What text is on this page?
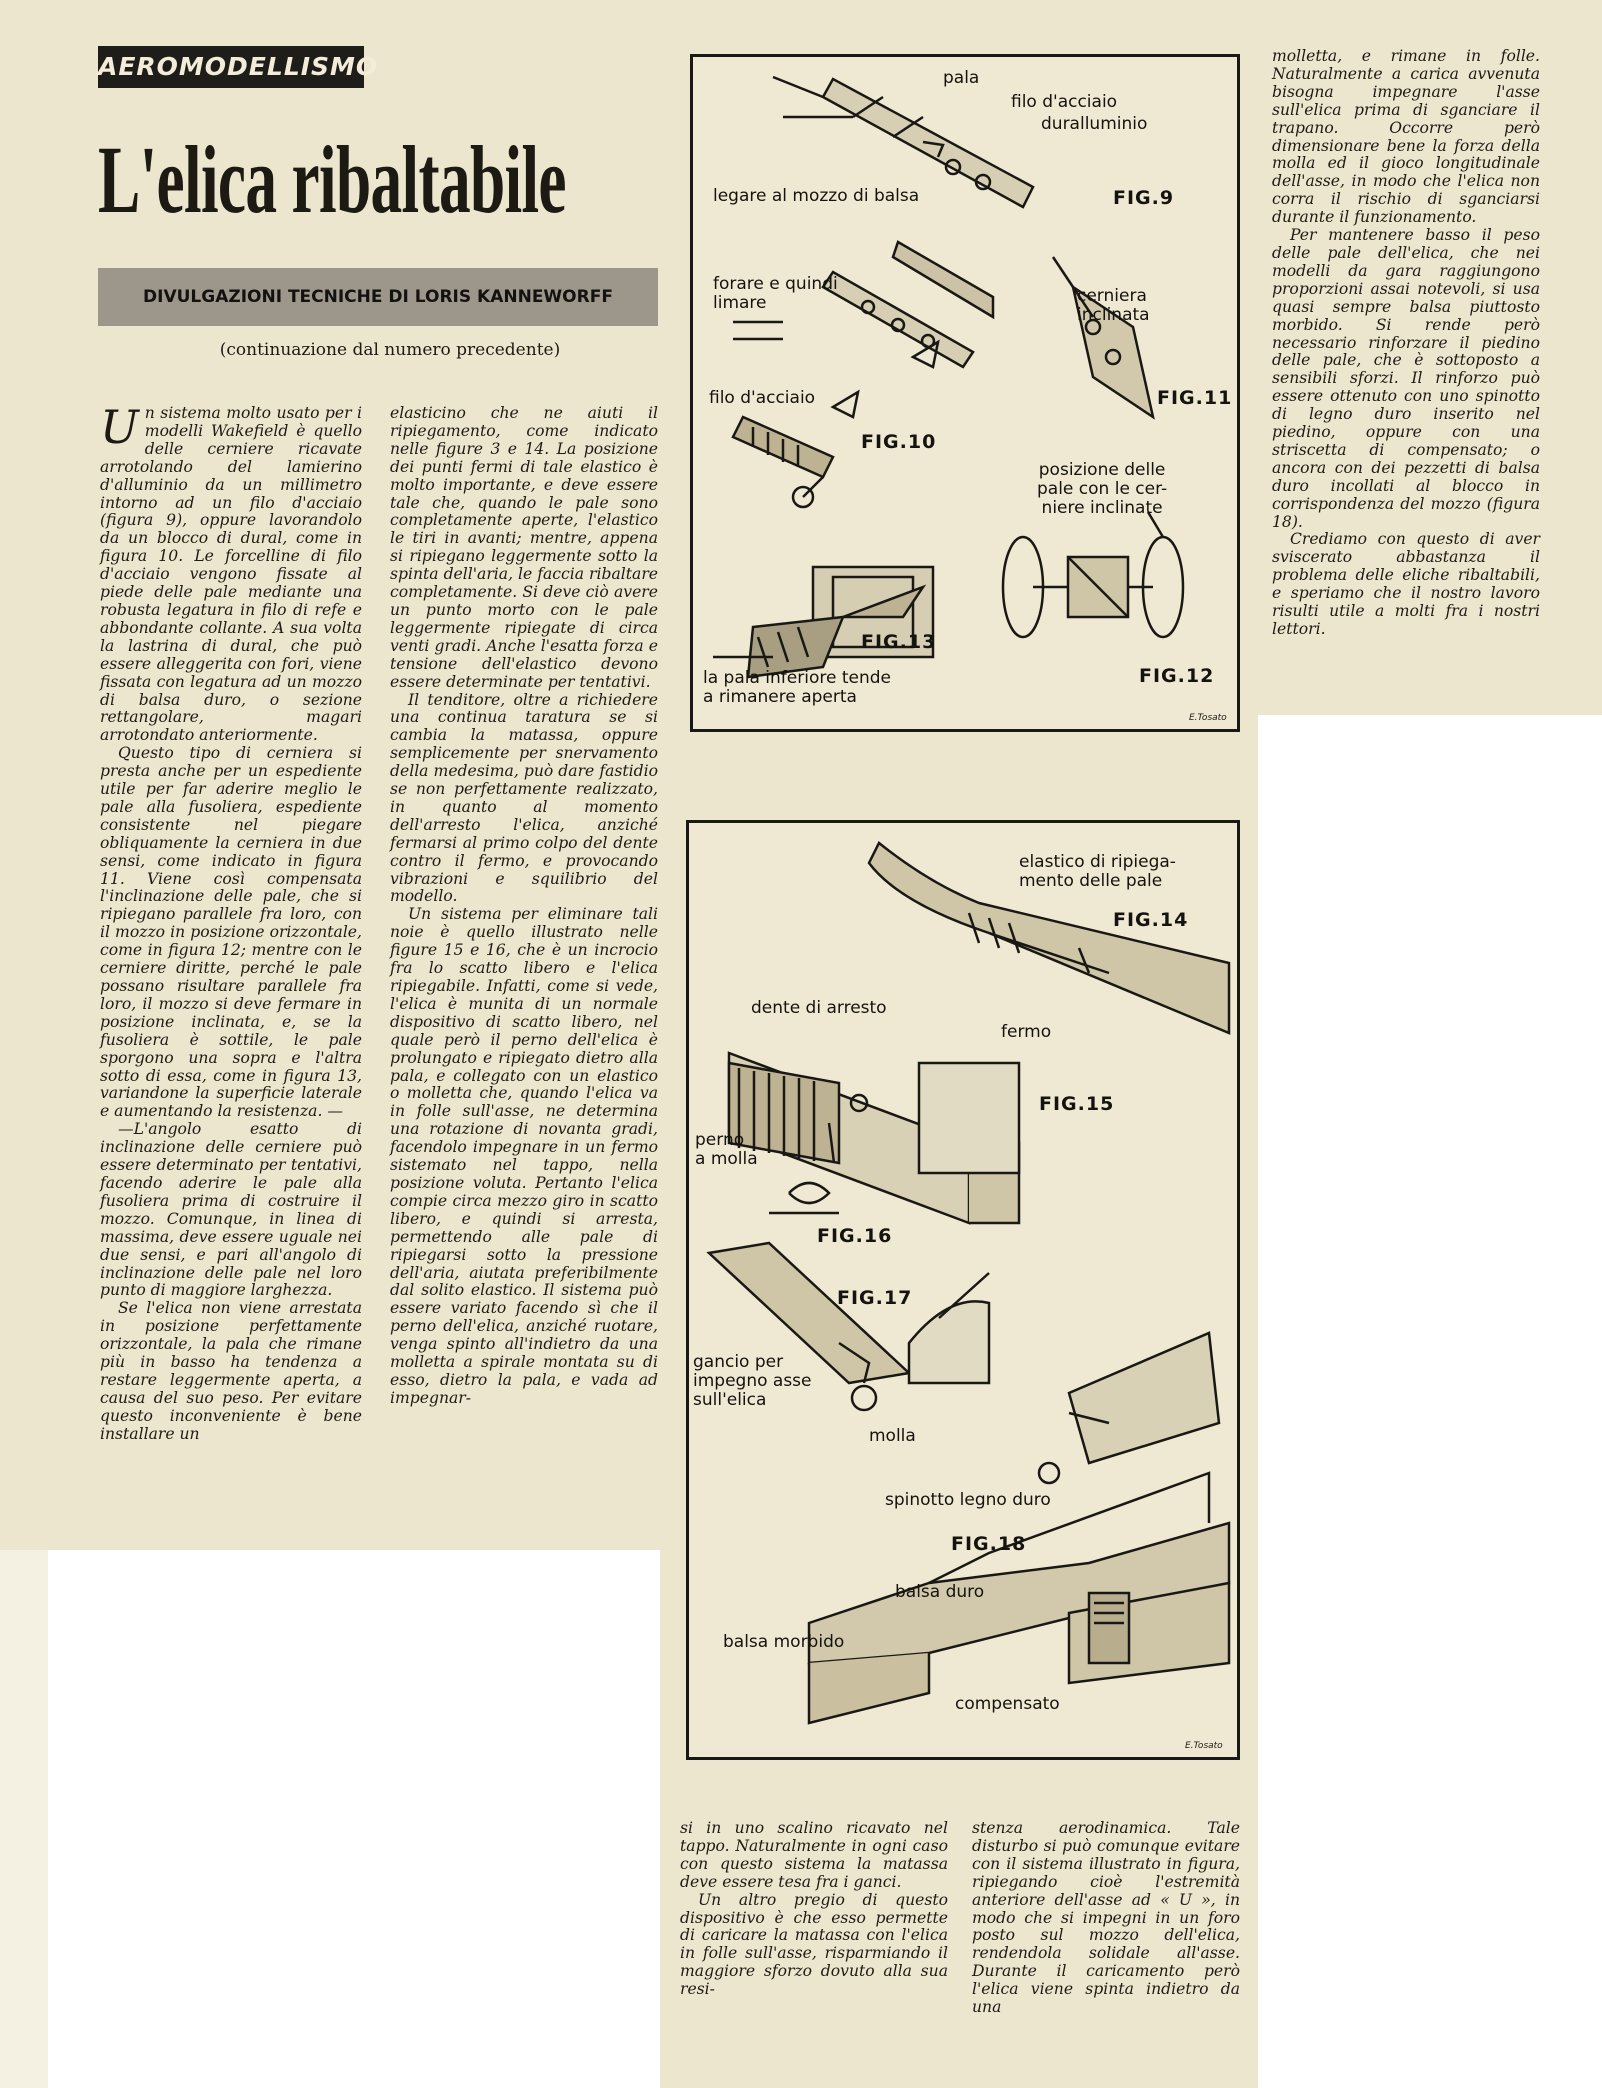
AEROMODELLISMO
L'elica ribaltabile
DIVULGAZIONI TECNICHE DI LORIS KANNEWORFF
(continuazione dal numero precedente)

Un sistema molto usato per i modelli Wakefield è quello delle cerniere ricavate arrotolando del lamierino d'alluminio da un millimetro intorno ad un filo d'acciaio (figura 9), oppure lavorandolo da un blocco di dural, come in figura 10. Le forcelline di filo d'acciaio vengono fissate al piede delle pale mediante una robusta legatura in filo di refe e abbondante collante. A sua volta la lastrina di dural, che può essere alleggerita con fori, viene fissata con legatura ad un mozzo di balsa duro, o sezione rettangolare, magari arrotondato anteriormente.

Questo tipo di cerniera si presta anche per un espediente utile per far aderire meglio le pale alla fusoliera, espediente consistente nel piegare obliquamente la cerniera in due sensi, come indicato in figura 11. Viene così compensata l'inclinazione delle pale, che si ripiegano parallele fra loro, con il mozzo in posizione orizzontale, come in figura 12; mentre con le cerniere diritte, perché le pale possano risultare parallele fra loro, il mozzo si deve fermare in posizione inclinata, e, se la fusoliera è sottile, le pale sporgono una sopra e l'altra sotto di essa, come in figura 13, variandone la superficie laterale e aumentando la resistenza. —

—L'angolo esatto di inclinazione delle cerniere può essere determinato per tentativi, facendo aderire le pale alla fusoliera prima di costruire il mozzo. Comunque, in linea di massima, deve essere uguale nei due sensi, e pari all'angolo di inclinazione delle pale nel loro punto di maggiore larghezza.

Se l'elica non viene arrestata in posizione perfettamente orizzontale, la pala che rimane più in basso ha tendenza a restare leggermente aperta, a causa del suo peso. Per evitare questo inconveniente è bene installare un

elasticino che ne aiuti il ripiegamento, come indicato nelle figure 3 e 14. La posizione dei punti fermi di tale elastico è molto importante, e deve essere tale che, quando le pale sono completamente aperte, l'elastico le tiri in avanti; mentre, appena si ripiegano leggermente sotto la spinta dell'aria, le faccia ribaltare completamente. Si deve ciò avere un punto morto con le pale leggermente ripiegate di circa venti gradi. Anche l'esatta forza e tensione dell'elastico devono essere determinate per tentativi.

Il tenditore, oltre a richiedere una continua taratura se si cambia la matassa, oppure semplicemente per snervamento della medesima, può dare fastidio se non perfettamente realizzato, in quanto al momento dell'arresto l'elica, anziché fermarsi al primo colpo del dente contro il fermo, e provocando vibrazioni e squilibrio del modello.

Un sistema per eliminare tali noie è quello illustrato nelle figure 15 e 16, che è un incrocio fra lo scatto libero e l'elica ripiegabile. Infatti, come si vede, l'elica è munita di un normale dispositivo di scatto libero, nel quale però il perno dell'elica è prolungato e ripiegato dietro alla pala, e collegato con un elastico o molletta che, quando l'elica va in folle sull'asse, ne determina una rotazione di novanta gradi, facendolo impegnare in un fermo sistemato nel tappo, nella posizione voluta. Pertanto l'elica compie circa mezzo giro in scatto libero, e quindi si arresta, permettendo alle pale di ripiegarsi sotto la pressione dell'aria, aiutata preferibilmente dal solito elastico. Il sistema può essere variato facendo sì che il perno dell'elica, anziché ruotare, venga spinto all'indietro da una molletta a spirale montata su di esso, dietro la pala, e vada ad impegnar-

molletta, e rimane in folle. Naturalmente a carica avvenuta bisogna impegnare l'asse sull'elica prima di sganciare il trapano. Occorre però dimensionare bene la forza della molla ed il gioco longitudinale dell'asse, in modo che l'elica non corra il rischio di sganciarsi durante il funzionamento.

Per mantenere basso il peso delle pale dell'elica, che nei modelli da gara raggiungono proporzioni assai notevoli, si usa quasi sempre balsa piuttosto morbido. Si rende però necessario rinforzare il piedino delle pale, che è sottoposto a sensibili sforzi. Il rinforzo può essere ottenuto con uno spinotto di legno duro inserito nel piedino, oppure con una striscetta di compensato; o ancora con dei pezzetti di balsa duro incollati al blocco in corrispondenza del mozzo (figura 18).

Crediamo con questo di aver sviscerato abbastanza il problema delle eliche ribaltabili, e speriamo che il nostro lavoro risulti utile a molti fra i nostri lettori.

si in uno scalino ricavato nel tappo. Naturalmente in ogni caso con questo sistema la matassa deve essere tesa fra i ganci.

Un altro pregio di questo dispositivo è che esso permette di caricare la matassa con l'elica in folle sull'asse, risparmiando il maggiore sforzo dovuto alla sua resi-

stenza aerodinamica. Tale disturbo si può comunque evitare con il sistema illustrato in figura, ripiegando cioè l'estremità anteriore dell'asse ad « U », in modo che si impegni in un foro posto sul mozzo dell'elica, rendendola solidale all'asse. Durante il caricamento però l'elica viene spinta indietro da una

pala
filo d'acciaio
duralluminio
legare al mozzo di balsa	FIG.9
forare e quindi
limare
filo d'acciaio
FIG.10
cerniera
inclinata
FIG.11
posizione delle
pale con le cer-
niere inclinate
FIG.13
la pala inferiore tende
a rimanere aperta
FIG.12
E.Tosato
elastico di ripiega-
mento delle pale
FIG.14
dente di arresto
fermo
FIG.15
perno
a molla
FIG.16
FIG.17
gancio per
impegno asse
sull'elica
molla
spinotto legno duro
FIG.18
balsa duro
balsa morbido
compensato
E.Tosato
